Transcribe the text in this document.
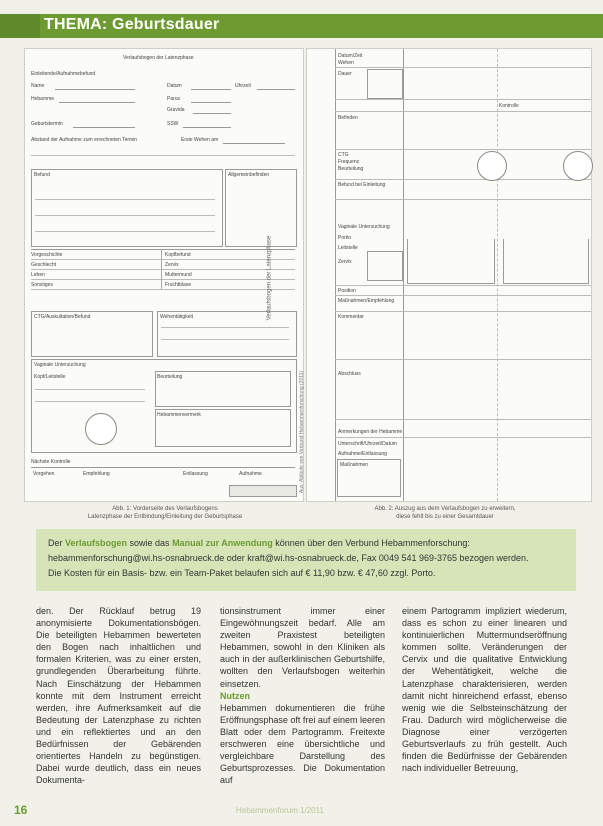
THEMA: Geburtsdauer
Verlaufsbogen der Latenzphase
Einleitende/Aufnahmebefund
Name	Datum	Uhrzeit
Hebamme	Parus
Gravida
Geburtstermin	SSW
Abstand der Aufnahme zum errechneten Termin	Erste Wehen am
Befund	Allgemeinbefinden
Vorgeschichte	Kopfbefund
Geschlecht	Zervix
Leben	Muttermund
Sonstiges	Fruchtblase
CTG/Auskultation/Befund	Wehentätigkeit
Vaginale Untersuchung
Kopf/Leitstelle	Beurteilung
Hebammenvermerk
Nächste Kontrolle
Vorgehen	Empfehlung	Entlassung	Aufnahme
Abb. 1: Vorderseite des Verlaufsbogens
Latenzphase der Entbindung/Einleitung der Geburtsphase
Verlaufsbogen der Latenzphase
Aus: Abläufe von Verbund Hebammenforschung (2011)
Datum/Zeit
Wehen
Dauer
Kontrolle
Befinden
CTG
Frequenz
Beurteilung
Befund bei Einleitung
Vaginale Untersuchung
Portio
Leitstelle
Zervix
Position
Maßnahmen/Empfehlung
Kommentar
Abschluss
Anmerkungen der Hebamme
Unterschrift/Uhrzeit/Datum
Aufnahme/Entlassung
Maßnahmen
Abb. 2: Auszug aus dem Verlaufsbogen zu erweitern,
diese fehlt bis zu einer Gesamtdauer
Der Verlaufsbogen sowie das Manual zur Anwendung können über den Verbund Hebammenforschung:
hebammenforschung@wi.hs-osnabrueck.de oder kraft@wi.hs-osnabrueck.de, Fax 0049 541 969-3765 bezogen werden.
Die Kosten für ein Basis- bzw. ein Team-Paket belaufen sich auf € 11,90 bzw. € 47,60 zzgl. Porto.

den. Der Rücklauf betrug 19 anonymisierte Dokumentationsbögen. Die beteiligten Hebammen bewerteten den Bogen nach inhaltlichen und formalen Kriterien, was zu einer ersten, grundlegenden Überarbeitung führte. Nach Einschätzung der Hebammen konnte mit dem Instrument erreicht werden, ihre Aufmerksamkeit auf die Bedeutung der Latenzphase zu richten und ein reflektiertes und an den Bedürfnissen der Gebärenden orientiertes Handeln zu begünstigen. Dabei wurde deutlich, dass ein neues Dokumenta-

tionsinstrument immer einer Eingewöhnungszeit bedarf. Alle am zweiten Praxistest beteiligten Hebammen, sowohl in den Kliniken als auch in der außerklinischen Geburtshilfe, wollten den Verlaufsbogen weiterhin einsetzen.

Nutzen

Hebammen dokumentieren die frühe Eröffnungsphase oft frei auf einem leeren Blatt oder dem Partogramm. Freitexte erschweren eine übersichtliche und vergleichbare Darstellung des Geburtsprozesses. Die Dokumentation auf

einem Partogramm impliziert wiederum, dass es schon zu einer linearen und kontinuierlichen Muttermundseröffnung kommen sollte. Veränderungen der Cervix und die qualitative Entwicklung der Wehentätigkeit, welche die Latenzphase charakterisieren, werden damit nicht hinreichend erfasst, ebenso wenig wie die Selbsteinschätzung der Frau. Dadurch wird möglicherweise die Diagnose einer verzögerten Geburtsverlaufs zu früh gestellt. Auch finden die Bedürfnisse der Gebärenden nach individueller Betreuung,

16	Hebammenforum 1/2011
